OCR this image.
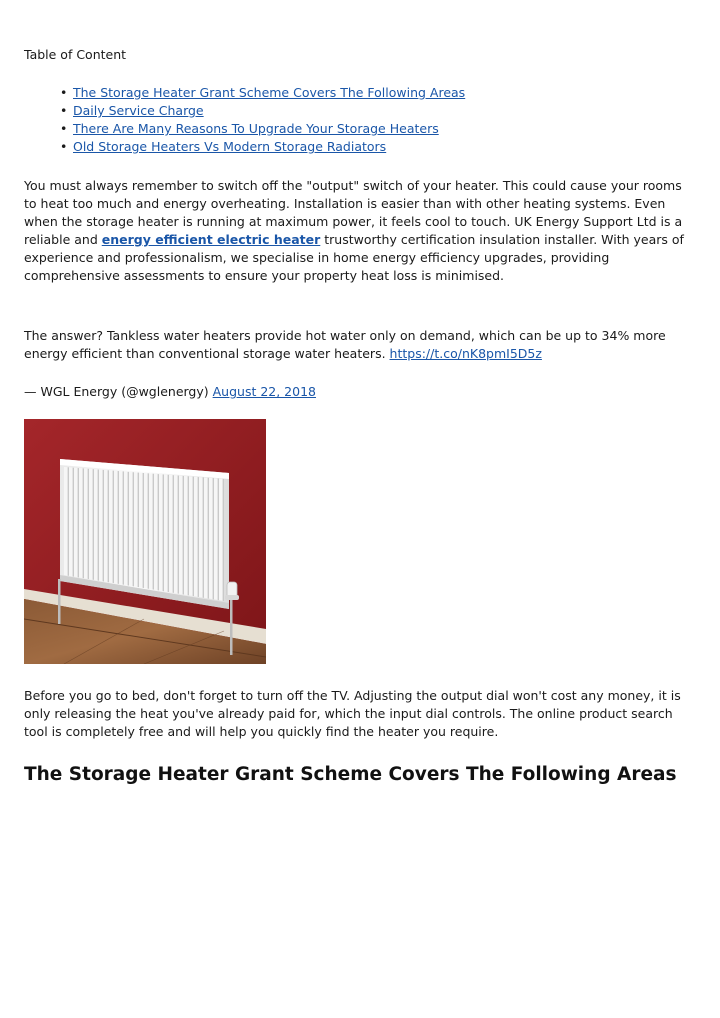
Table of Content
• The Storage Heater Grant Scheme Covers The Following Areas
• Daily Service Charge
• There Are Many Reasons To Upgrade Your Storage Heaters
• Old Storage Heaters Vs Modern Storage Radiators

You must always remember to switch off the "output" switch of your heater. This could cause your rooms to heat too much and energy overheating. Installation is easier than with other heating systems. Even when the storage heater is running at maximum power, it feels cool to touch. UK Energy Support Ltd is a reliable and energy efficient electric heater trustworthy certification insulation installer. With years of experience and professionalism, we specialise in home energy efficiency upgrades, providing comprehensive assessments to ensure your property heat loss is minimised.

The answer? Tankless water heaters provide hot water only on demand, which can be up to 34% more energy efficient than conventional storage water heaters. https://t.co/nK8pmI5D5z

— WGL Energy (@wglenergy) August 22, 2018

Before you go to bed, don't forget to turn off the TV. Adjusting the output dial won't cost any money, it is only releasing the heat you've already paid for, which the input dial controls. The online product search tool is completely free and will help you quickly find the heater you require.

The Storage Heater Grant Scheme Covers The Following Areas
